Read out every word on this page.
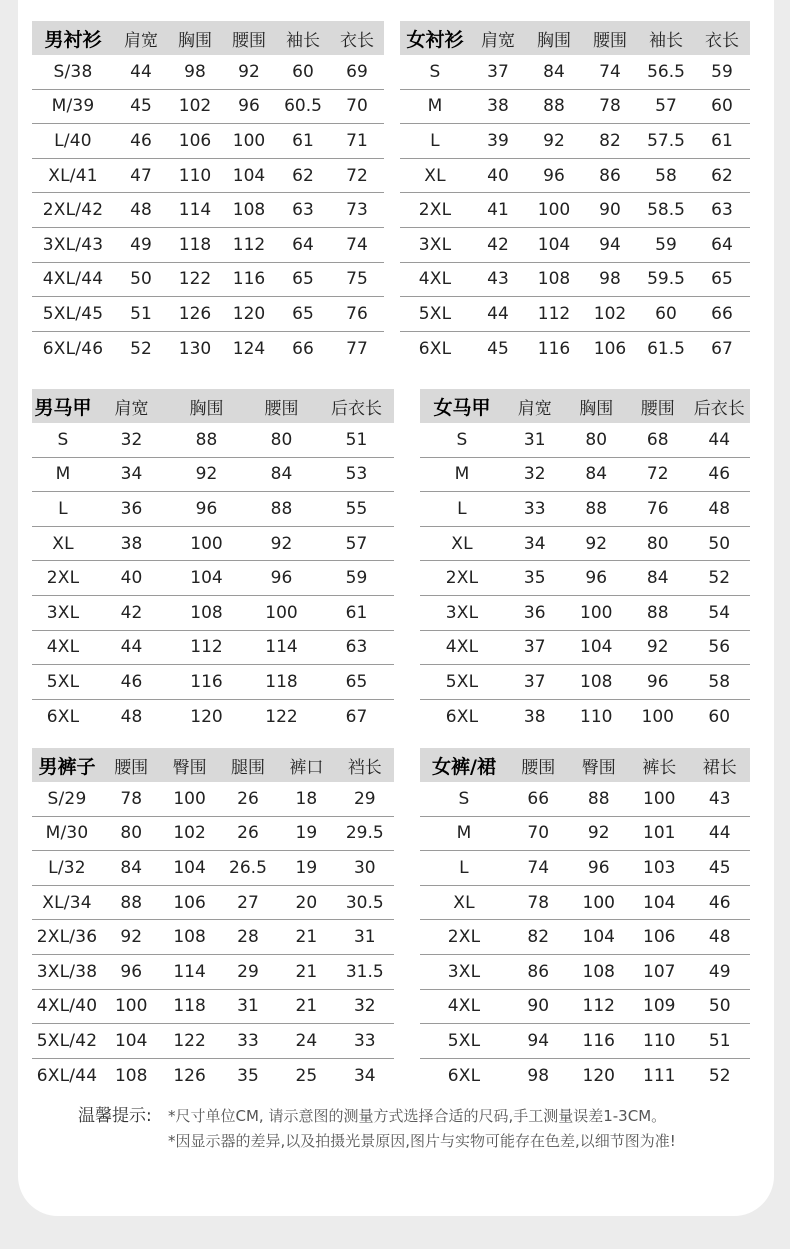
男衬衫	肩宽	胸围	腰围	袖长	衣长
S/38	44	98	92	60	69
M/39	45	102	96	60.5	70
L/40	46	106	100	61	71
XL/41	47	110	104	62	72
2XL/42	48	114	108	63	73
3XL/43	49	118	112	64	74
4XL/44	50	122	116	65	75
5XL/45	51	126	120	65	76
6XL/46	52	130	124	66	77
女衬衫	肩宽	胸围	腰围	袖长	衣长
S	37	84	74	56.5	59
M	38	88	78	57	60
L	39	92	82	57.5	61
XL	40	96	86	58	62
2XL	41	100	90	58.5	63
3XL	42	104	94	59	64
4XL	43	108	98	59.5	65
5XL	44	112	102	60	66
6XL	45	116	106	61.5	67
男马甲	肩宽	胸围	腰围	后衣长
S	32	88	80	51
M	34	92	84	53
L	36	96	88	55
XL	38	100	92	57
2XL	40	104	96	59
3XL	42	108	100	61
4XL	44	112	114	63
5XL	46	116	118	65
6XL	48	120	122	67
女马甲	肩宽	胸围	腰围	后衣长
S	31	80	68	44
M	32	84	72	46
L	33	88	76	48
XL	34	92	80	50
2XL	35	96	84	52
3XL	36	100	88	54
4XL	37	104	92	56
5XL	37	108	96	58
6XL	38	110	100	60
男裤子	腰围	臀围	腿围	裤口	裆长
S/29	78	100	26	18	29
M/30	80	102	26	19	29.5
L/32	84	104	26.5	19	30
XL/34	88	106	27	20	30.5
2XL/36	92	108	28	21	31
3XL/38	96	114	29	21	31.5
4XL/40	100	118	31	21	32
5XL/42	104	122	33	24	33
6XL/44	108	126	35	25	34
女裤/裙	腰围	臀围	裤长	裙长
S	66	88	100	43
M	70	92	101	44
L	74	96	103	45
XL	78	100	104	46
2XL	82	104	106	48
3XL	86	108	107	49
4XL	90	112	109	50
5XL	94	116	110	51
6XL	98	120	111	52
温馨提示:	*尺寸单位CM, 请示意图的测量方式选择合适的尺码,手工测量误差1-3CM。
*因显示器的差异,以及拍摄光景原因,图片与实物可能存在色差,以细节图为准!
